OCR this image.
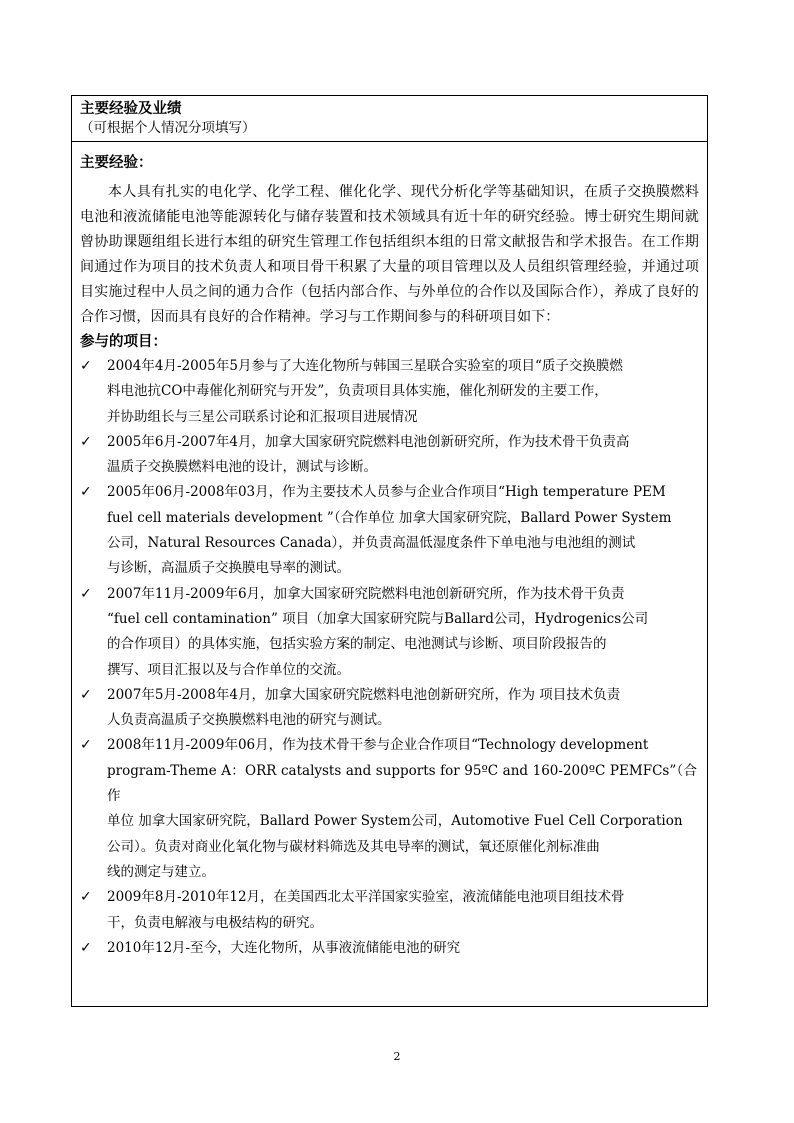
主要经验及业绩

（可根据个人情况分项填写）

主要经验：

本人具有扎实的电化学、化学工程、催化化学、现代分析化学等基础知识，在质子交换膜燃料电池和液流储能电池等能源转化与储存装置和技术领域具有近十年的研究经验。博士研究生期间就曾协助课题组组长进行本组的研究生管理工作包括组织本组的日常文献报告和学术报告。在工作期间通过作为项目的技术负责人和项目骨干积累了大量的项目管理以及人员组织管理经验，并通过项目实施过程中人员之间的通力合作（包括内部合作、与外单位的合作以及国际合作），养成了良好的合作习惯，因而具有良好的合作精神。学习与工作期间参与的科研项目如下：

参与的项目：

✓ 2004年4月-2005年5月参与了大连化物所与韩国三星联合实验室的项目“质子交换膜燃
料电池抗CO中毒催化剂研究与开发”，负责项目具体实施，催化剂研发的主要工作，
并协助组长与三星公司联系讨论和汇报项目进展情况
✓ 2005年6月-2007年4月，加拿大国家研究院燃料电池创新研究所，作为技术骨干负责高
温质子交换膜燃料电池的设计，测试与诊断。
✓ 2005年06月-2008年03月，作为主要技术人员参与企业合作项目“High temperature PEM
fuel cell materials development ”（合作单位 加拿大国家研究院，Ballard Power System
公司，Natural Resources Canada），并负责高温低湿度条件下单电池与电池组的测试
与诊断，高温质子交换膜电导率的测试。
✓ 2007年11月-2009年6月，加拿大国家研究院燃料电池创新研究所，作为技术骨干负责
“fuel cell contamination” 项目（加拿大国家研究院与Ballard公司，Hydrogenics公司
的合作项目）的具体实施，包括实验方案的制定、电池测试与诊断、项目阶段报告的
撰写、项目汇报以及与合作单位的交流。
✓ 2007年5月-2008年4月，加拿大国家研究院燃料电池创新研究所，作为 项目技术负责
人负责高温质子交换膜燃料电池的研究与测试。
✓ 2008年11月-2009年06月，作为技术骨干参与企业合作项目“Technology development
program-Theme A：ORR catalysts and supports for 95ºC and 160-200ºC PEMFCs”（合作
单位 加拿大国家研究院，Ballard Power System公司，Automotive Fuel Cell Corporation
公司）。负责对商业化氧化物与碳材料筛选及其电导率的测试，氧还原催化剂标准曲
线的测定与建立。
✓ 2009年8月-2010年12月，在美国西北太平洋国家实验室，液流储能电池项目组技术骨
干，负责电解液与电极结构的研究。
✓ 2010年12月-至今，大连化物所，从事液流储能电池的研究
2
